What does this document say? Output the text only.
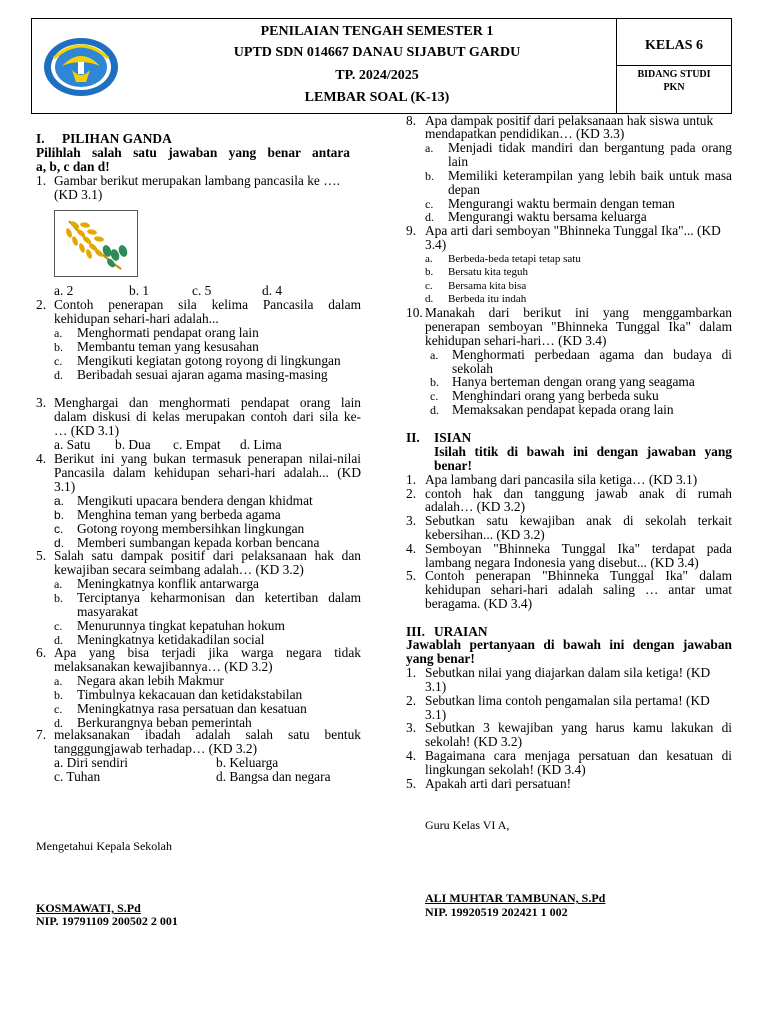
PENILAIAN TENGAH SEMESTER 1
UPTD SDN 014667 DANAU SIJABUT GARDU
TP. 2024/2025
LEMBAR SOAL (K-13)
KELAS 6
BIDANG STUDI
PKN
I. PILIHAN GANDA
Pilihlah salah satu jawaban yang benar antara
a, b, c dan d!
1. Gambar berikut merupakan lambang pancasila ke ….
(KD 3.1)
a. 2	b. 1	c. 5	d. 4
2. Contoh penerapan sila kelima Pancasila dalam
kehidupan sehari-hari adalah...
a. Menghormati pendapat orang lain
b. Membantu teman yang kesusahan
c. Mengikuti kegiatan gotong royong di lingkungan
d. Beribadah sesuai ajaran agama masing-masing
3. Menghargai dan menghormati pendapat orang lain
dalam diskusi di kelas merupakan contoh dari sila ke-
… (KD 3.1)
a. Satu b. Dua c. Empat d. Lima
4. Berikut ini yang bukan termasuk penerapan nilai-nilai
Pancasila dalam kehidupan sehari-hari adalah... (KD
3.1)
a. Mengikuti upacara bendera dengan khidmat
b. Menghina teman yang berbeda agama
c. Gotong royong membersihkan lingkungan
d. Memberi sumbangan kepada korban bencana
5. Salah satu dampak positif dari pelaksanaan hak dan
kewajiban secara seimbang adalah… (KD 3.2)
a. Meningkatnya konflik antarwarga
b. Terciptanya keharmonisan dan ketertiban dalam
masyarakat
c. Menurunnya tingkat kepatuhan hokum
d. Meningkatnya ketidakadilan social
6. Apa yang bisa terjadi jika warga negara tidak
melaksanakan kewajibannya… (KD 3.2)
a. Negara akan lebih Makmur
b. Timbulnya kekacauan dan ketidakstabilan
c. Meningkatnya rasa persatuan dan kesatuan
d. Berkurangnya beban pemerintah
7. melaksanakan ibadah adalah salah satu bentuk
tangggungjawab terhadap… (KD 3.2)
a. Diri sendiri	b. Keluarga
c. Tuhan	d. Bangsa dan negara
Mengetahui Kepala Sekolah
KOSMAWATI, S.Pd
NIP. 19791109 200502 2 001
8. Apa dampak positif dari pelaksanaan hak siswa untuk
mendapatkan pendidikan… (KD 3.3)
a. Menjadi tidak mandiri dan bergantung pada orang
lain
b. Memiliki keterampilan yang lebih baik untuk masa
depan
c. Mengurangi waktu bermain dengan teman
d. Mengurangi waktu bersama keluarga
9. Apa arti dari semboyan "Bhinneka Tunggal Ika"... (KD
3.4)
a. Berbeda-beda tetapi tetap satu
b. Bersatu kita teguh
c. Bersama kita bisa
d. Berbeda itu indah
10. Manakah dari berikut ini yang menggambarkan
penerapan semboyan "Bhinneka Tunggal Ika" dalam
kehidupan sehari-hari… (KD 3.4)
a. Menghormati perbedaan agama dan budaya di
sekolah
b. Hanya berteman dengan orang yang seagama
c. Menghindari orang yang berbeda suku
d. Memaksakan pendapat kepada orang lain
II. ISIAN
Isilah titik di bawah ini dengan jawaban yang
benar!
1. Apa lambang dari pancasila sila ketiga… (KD 3.1)
2. contoh hak dan tanggung jawab anak di rumah
adalah… (KD 3.2)
3. Sebutkan satu kewajiban anak di sekolah terkait
kebersihan... (KD 3.2)
4. Semboyan "Bhinneka Tunggal Ika" terdapat pada
lambang negara Indonesia yang disebut... (KD 3.4)
5. Contoh penerapan "Bhinneka Tunggal Ika" dalam
kehidupan sehari-hari adalah saling … antar umat
beragama. (KD 3.4)
III. URAIAN
Jawablah pertanyaan di bawah ini dengan jawaban
yang benar!
1. Sebutkan nilai yang diajarkan dalam sila ketiga! (KD
3.1)
2. Sebutkan lima contoh pengamalan sila pertama! (KD
3.1)
3. Sebutkan 3 kewajiban yang harus kamu lakukan di
sekolah! (KD 3.2)
4. Bagaimana cara menjaga persatuan dan kesatuan di
lingkungan sekolah! (KD 3.4)
5. Apakah arti dari persatuan!
Guru Kelas VI A,
ALI MUHTAR TAMBUNAN, S.Pd
NIP. 19920519 202421 1 002
